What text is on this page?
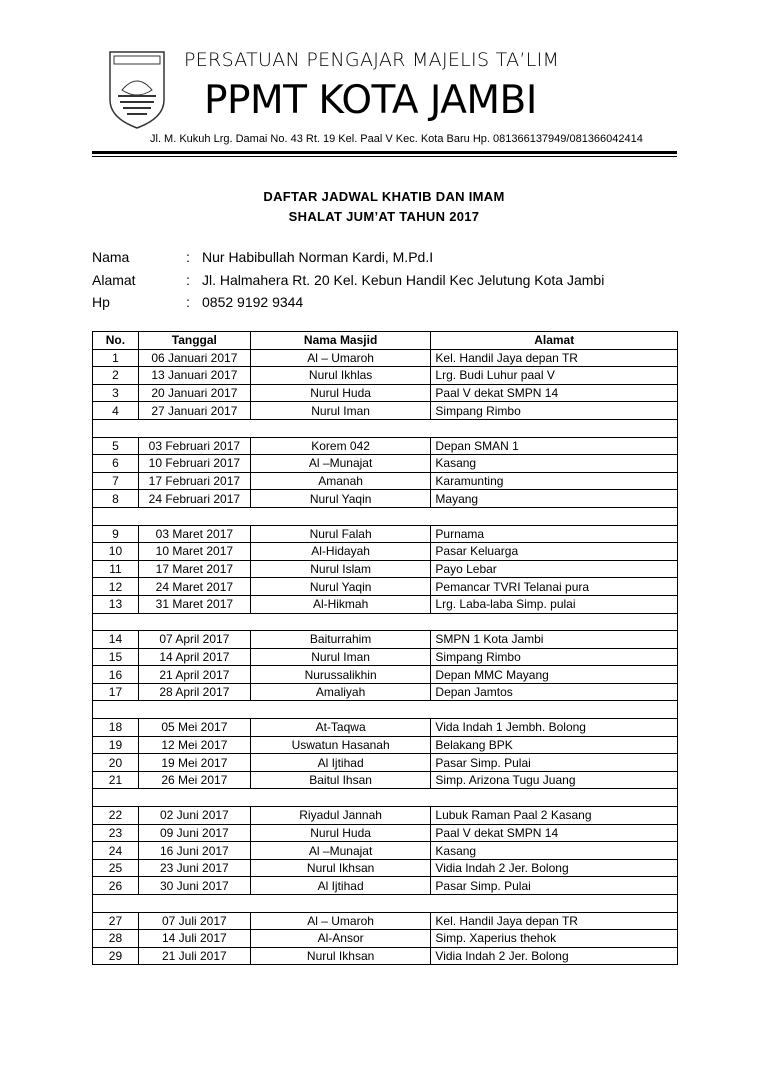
PERSATUAN PENGAJAR MAJELIS TA’LIM
PPMT KOTA JAMBI
Jl. M. Kukuh Lrg. Damai No. 43 Rt. 19 Kel. Paal V Kec. Kota Baru Hp. 081366137949/081366042414
DAFTAR JADWAL KHATIB DAN IMAM
SHALAT JUM’AT TAHUN 2017
Nama	: Nur Habibullah Norman Kardi, M.Pd.I
Alamat	: Jl. Halmahera Rt. 20 Kel. Kebun Handil Kec Jelutung Kota Jambi
Hp	: 0852 9192 9344
No.	Tanggal	Nama Masjid	Alamat
1	06 Januari 2017	Al – Umaroh	Kel. Handil Jaya depan TR
2	13 Januari 2017	Nurul Ikhlas	Lrg. Budi Luhur paal V
3	20 Januari 2017	Nurul Huda	Paal V dekat SMPN 14
4	27 Januari 2017	Nurul Iman	Simpang Rimbo

5	03 Februari 2017	Korem 042	Depan SMAN 1
6	10 Februari 2017	Al –Munajat	Kasang
7	17 Februari 2017	Amanah	Karamunting
8	24 Februari 2017	Nurul Yaqin	Mayang

9	03 Maret 2017	Nurul Falah	Purnama
10	10 Maret 2017	Al-Hidayah	Pasar Keluarga
11	17 Maret 2017	Nurul Islam	Payo Lebar
12	24 Maret 2017	Nurul Yaqin	Pemancar TVRI Telanai pura
13	31 Maret 2017	Al-Hikmah	Lrg. Laba-laba Simp. pulai

14	07 April 2017	Baiturrahim	SMPN 1 Kota Jambi
15	14 April 2017	Nurul Iman	Simpang Rimbo
16	21 April 2017	Nurussalikhin	Depan MMC Mayang
17	28 April 2017	Amaliyah	Depan Jamtos

18	05 Mei 2017	At-Taqwa	Vida Indah 1 Jembh. Bolong
19	12 Mei 2017	Uswatun Hasanah	Belakang BPK
20	19 Mei 2017	Al Ijtihad	Pasar Simp. Pulai
21	26 Mei 2017	Baitul Ihsan	Simp. Arizona Tugu Juang

22	02 Juni 2017	Riyadul Jannah	Lubuk Raman Paal 2 Kasang
23	09 Juni 2017	Nurul Huda	Paal V dekat SMPN 14
24	16 Juni 2017	Al –Munajat	Kasang
25	23 Juni 2017	Nurul Ikhsan	Vidia Indah 2 Jer. Bolong
26	30 Juni 2017	Al Ijtihad	Pasar Simp. Pulai

27	07 Juli 2017	Al – Umaroh	Kel. Handil Jaya depan TR
28	14 Juli 2017	Al-Ansor	Simp. Xaperius thehok
29	21 Juli 2017	Nurul Ikhsan	Vidia Indah 2 Jer. Bolong
